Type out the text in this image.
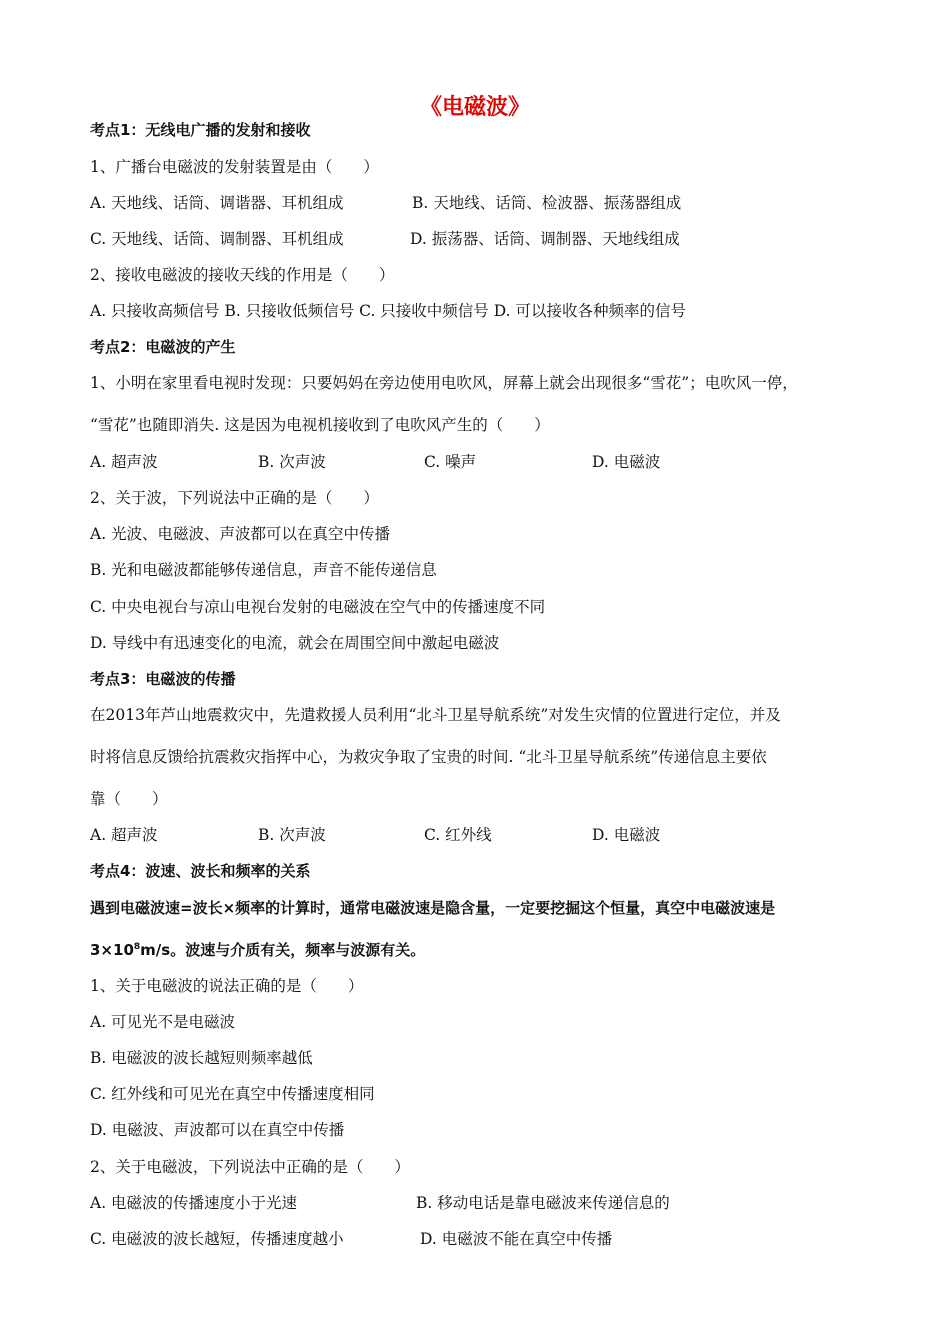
《电磁波》
考点1：无线电广播的发射和接收
1、广播台电磁波的发射装置是由（　　）
A. 天地线、话筒、调谐器、耳机组成	B. 天地线、话筒、检波器、振荡器组成
C. 天地线、话筒、调制器、耳机组成	D. 振荡器、话筒、调制器、天地线组成
2、接收电磁波的接收天线的作用是（　　）
A. 只接收高频信号 B. 只接收低频信号 C. 只接收中频信号 D. 可以接收各种频率的信号
考点2：电磁波的产生
1、小明在家里看电视时发现：只要妈妈在旁边使用电吹风，屏幕上就会出现很多“雪花”；电吹风一停，
“雪花”也随即消失. 这是因为电视机接收到了电吹风产生的（　　）
A. 超声波	B. 次声波	C. 噪声	D. 电磁波
2、关于波，下列说法中正确的是（　　）
A. 光波、电磁波、声波都可以在真空中传播
B. 光和电磁波都能够传递信息，声音不能传递信息
C. 中央电视台与凉山电视台发射的电磁波在空气中的传播速度不同
D. 导线中有迅速变化的电流，就会在周围空间中激起电磁波
考点3：电磁波的传播
在2013年芦山地震救灾中，先遣救援人员利用“北斗卫星导航系统”对发生灾情的位置进行定位，并及
时将信息反馈给抗震救灾指挥中心，为救灾争取了宝贵的时间. “北斗卫星导航系统”传递信息主要依
靠（　　）
A. 超声波	B. 次声波	C. 红外线	D. 电磁波
考点4：波速、波长和频率的关系
遇到电磁波速=波长×频率的计算时，通常电磁波速是隐含量，一定要挖掘这个恒量，真空中电磁波速是
$3\times 10^8m/s$。波速与介质有关，频率与波源有关。
1、关于电磁波的说法正确的是（　　）
A. 可见光不是电磁波
B. 电磁波的波长越短则频率越低
C. 红外线和可见光在真空中传播速度相同
D. 电磁波、声波都可以在真空中传播
2、关于电磁波，下列说法中正确的是（　　）
A. 电磁波的传播速度小于光速	B. 移动电话是靠电磁波来传递信息的
C. 电磁波的波长越短，传播速度越小	D. 电磁波不能在真空中传播
